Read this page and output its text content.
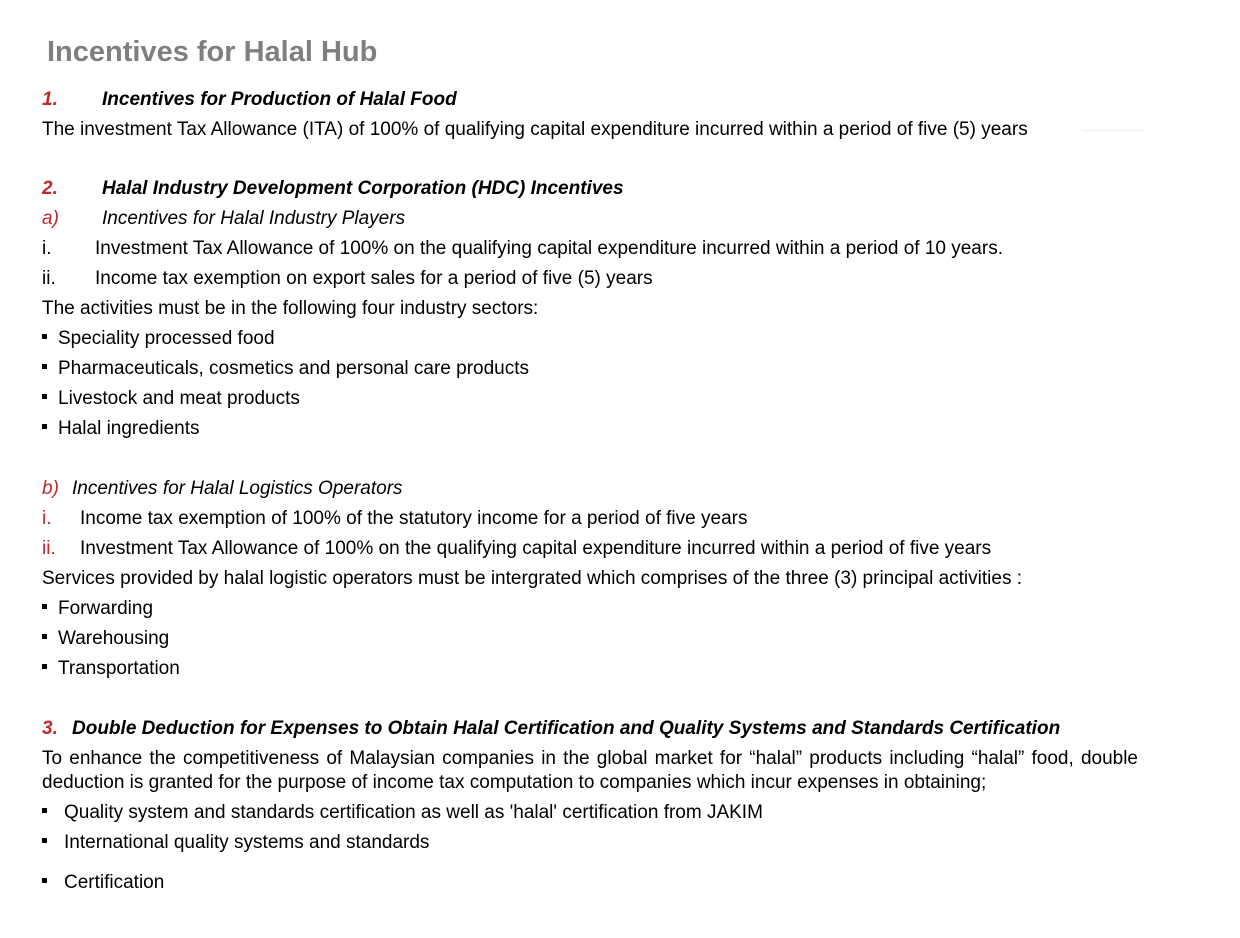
Incentives for Halal Hub
1. Incentives for Production of Halal Food
The investment Tax Allowance (ITA) of 100% of qualifying capital expenditure incurred within a period of five (5) years
2. Halal Industry Development Corporation (HDC) Incentives
a) Incentives for Halal Industry Players
i. Investment Tax Allowance of 100% on the qualifying capital expenditure incurred within a period of 10 years.
ii. Income tax exemption on export sales for a period of five (5) years
The activities must be in the following four industry sectors:
Speciality processed food
Pharmaceuticals, cosmetics and personal care products
Livestock and meat products
Halal ingredients
b) Incentives for Halal Logistics Operators
i. Income tax exemption of 100% of the statutory income for a period of five years
ii. Investment Tax Allowance of 100% on the qualifying capital expenditure incurred within a period of five years
Services provided by halal logistic operators must be intergrated which comprises of the three (3) principal activities :
Forwarding
Warehousing
Transportation
3. Double Deduction for Expenses to Obtain Halal Certification and Quality Systems and Standards Certification
To enhance the competitiveness of Malaysian companies in the global market for “halal” products including “halal” food, double deduction is granted for the purpose of income tax computation to companies which incur expenses in obtaining;
Quality system and standards certification as well as 'halal' certification from JAKIM
International quality systems and standards
Certification
